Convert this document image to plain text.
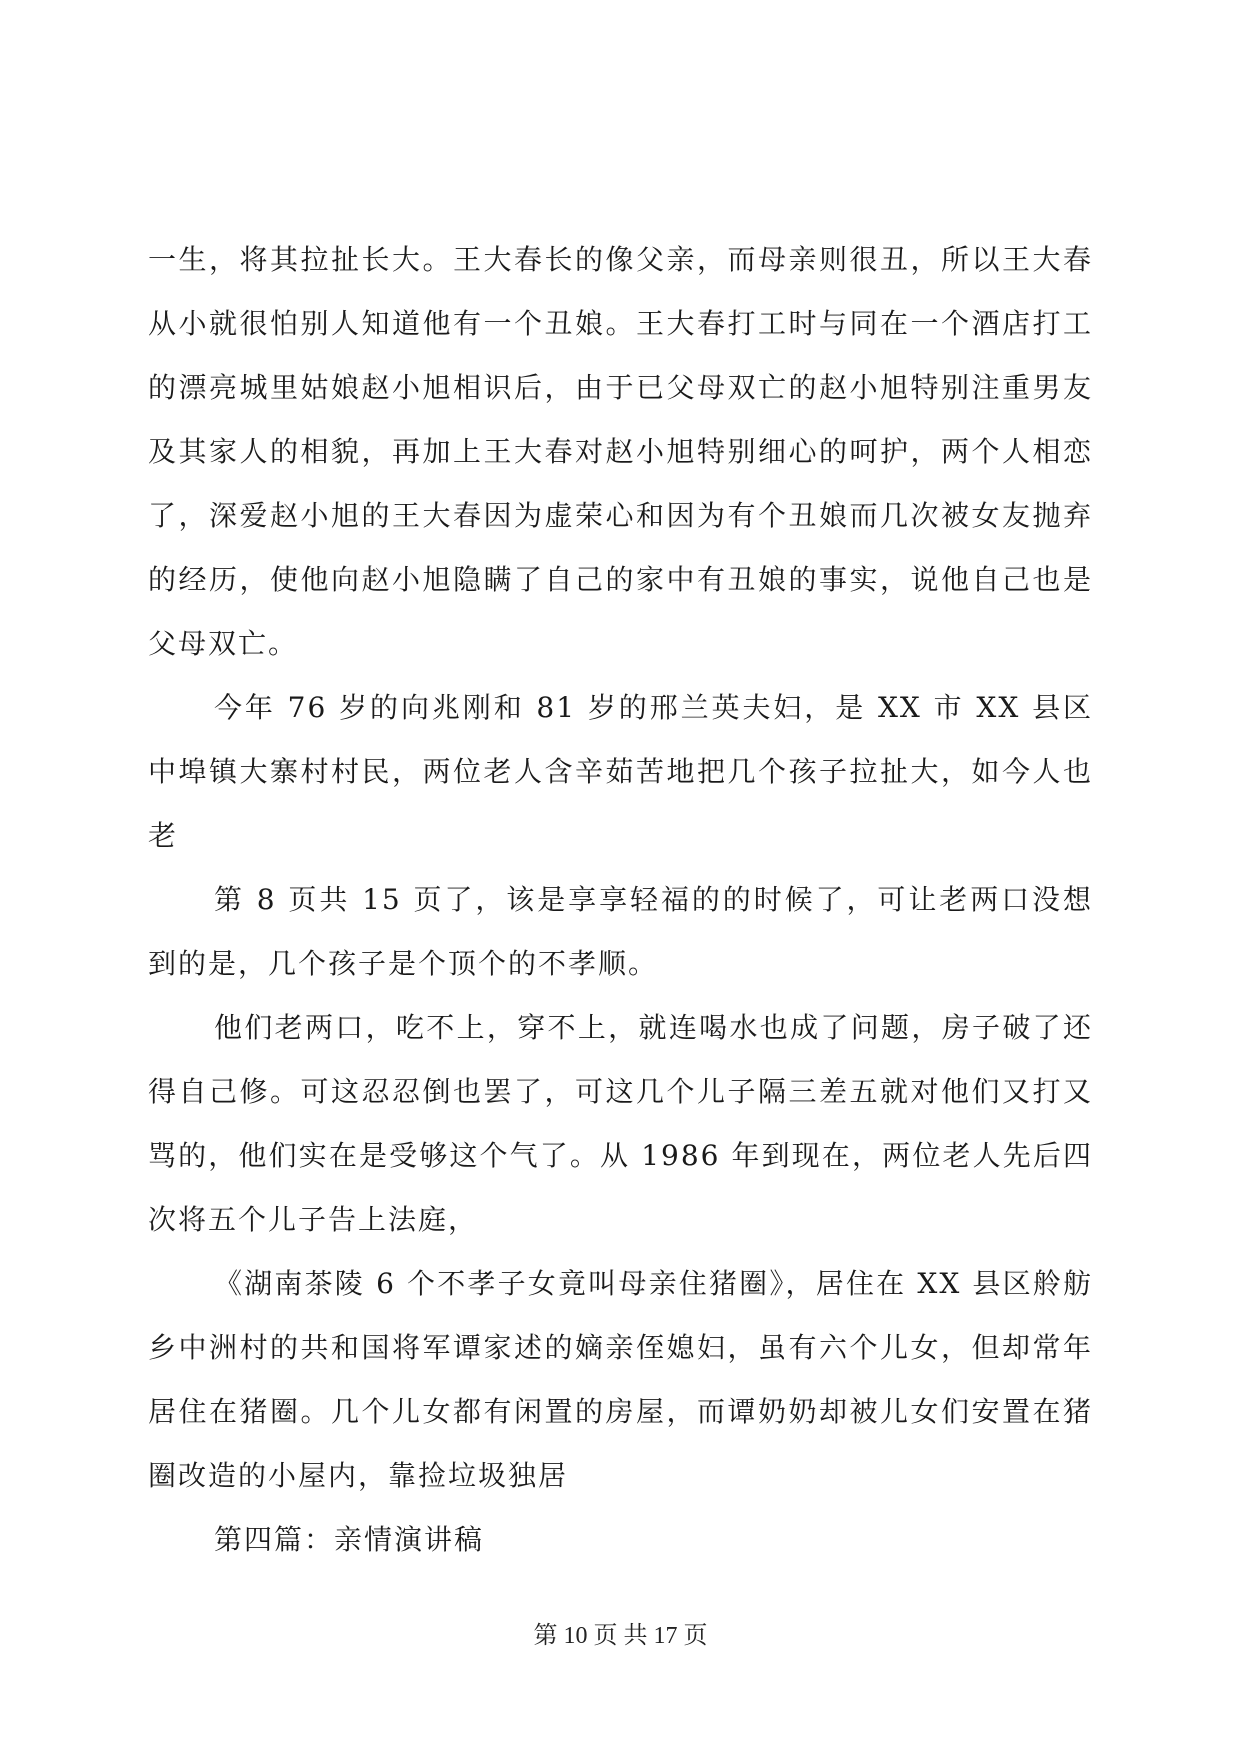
一生，将其拉扯长大。王大春长的像父亲，而母亲则很丑，所以王大春从小就很怕别人知道他有一个丑娘。王大春打工时与同在一个酒店打工的漂亮城里姑娘赵小旭相识后，由于已父母双亡的赵小旭特别注重男友及其家人的相貌，再加上王大春对赵小旭特别细心的呵护，两个人相恋了，深爱赵小旭的王大春因为虚荣心和因为有个丑娘而几次被女友抛弃的经历，使他向赵小旭隐瞒了自己的家中有丑娘的事实，说他自己也是父母双亡。

今年 76 岁的向兆刚和 81 岁的邢兰英夫妇，是 XX 市 XX 县区中埠镇大寨村村民，两位老人含辛茹苦地把几个孩子拉扯大，如今人也老

第 8 页共 15 页了，该是享享轻福的的时候了，可让老两口没想到的是，几个孩子是个顶个的不孝顺。

他们老两口，吃不上，穿不上，就连喝水也成了问题，房子破了还得自己修。可这忍忍倒也罢了，可这几个儿子隔三差五就对他们又打又骂的，他们实在是受够这个气了。从 1986 年到现在，两位老人先后四次将五个儿子告上法庭，

《湖南茶陵 6 个不孝子女竟叫母亲住猪圈》，居住在 XX 县区舲舫乡中洲村的共和国将军谭家述的嫡亲侄媳妇，虽有六个儿女，但却常年居住在猪圈。几个儿女都有闲置的房屋，而谭奶奶却被儿女们安置在猪圈改造的小屋内，靠捡垃圾独居

第四篇：亲情演讲稿

第 10 页 共 17 页
